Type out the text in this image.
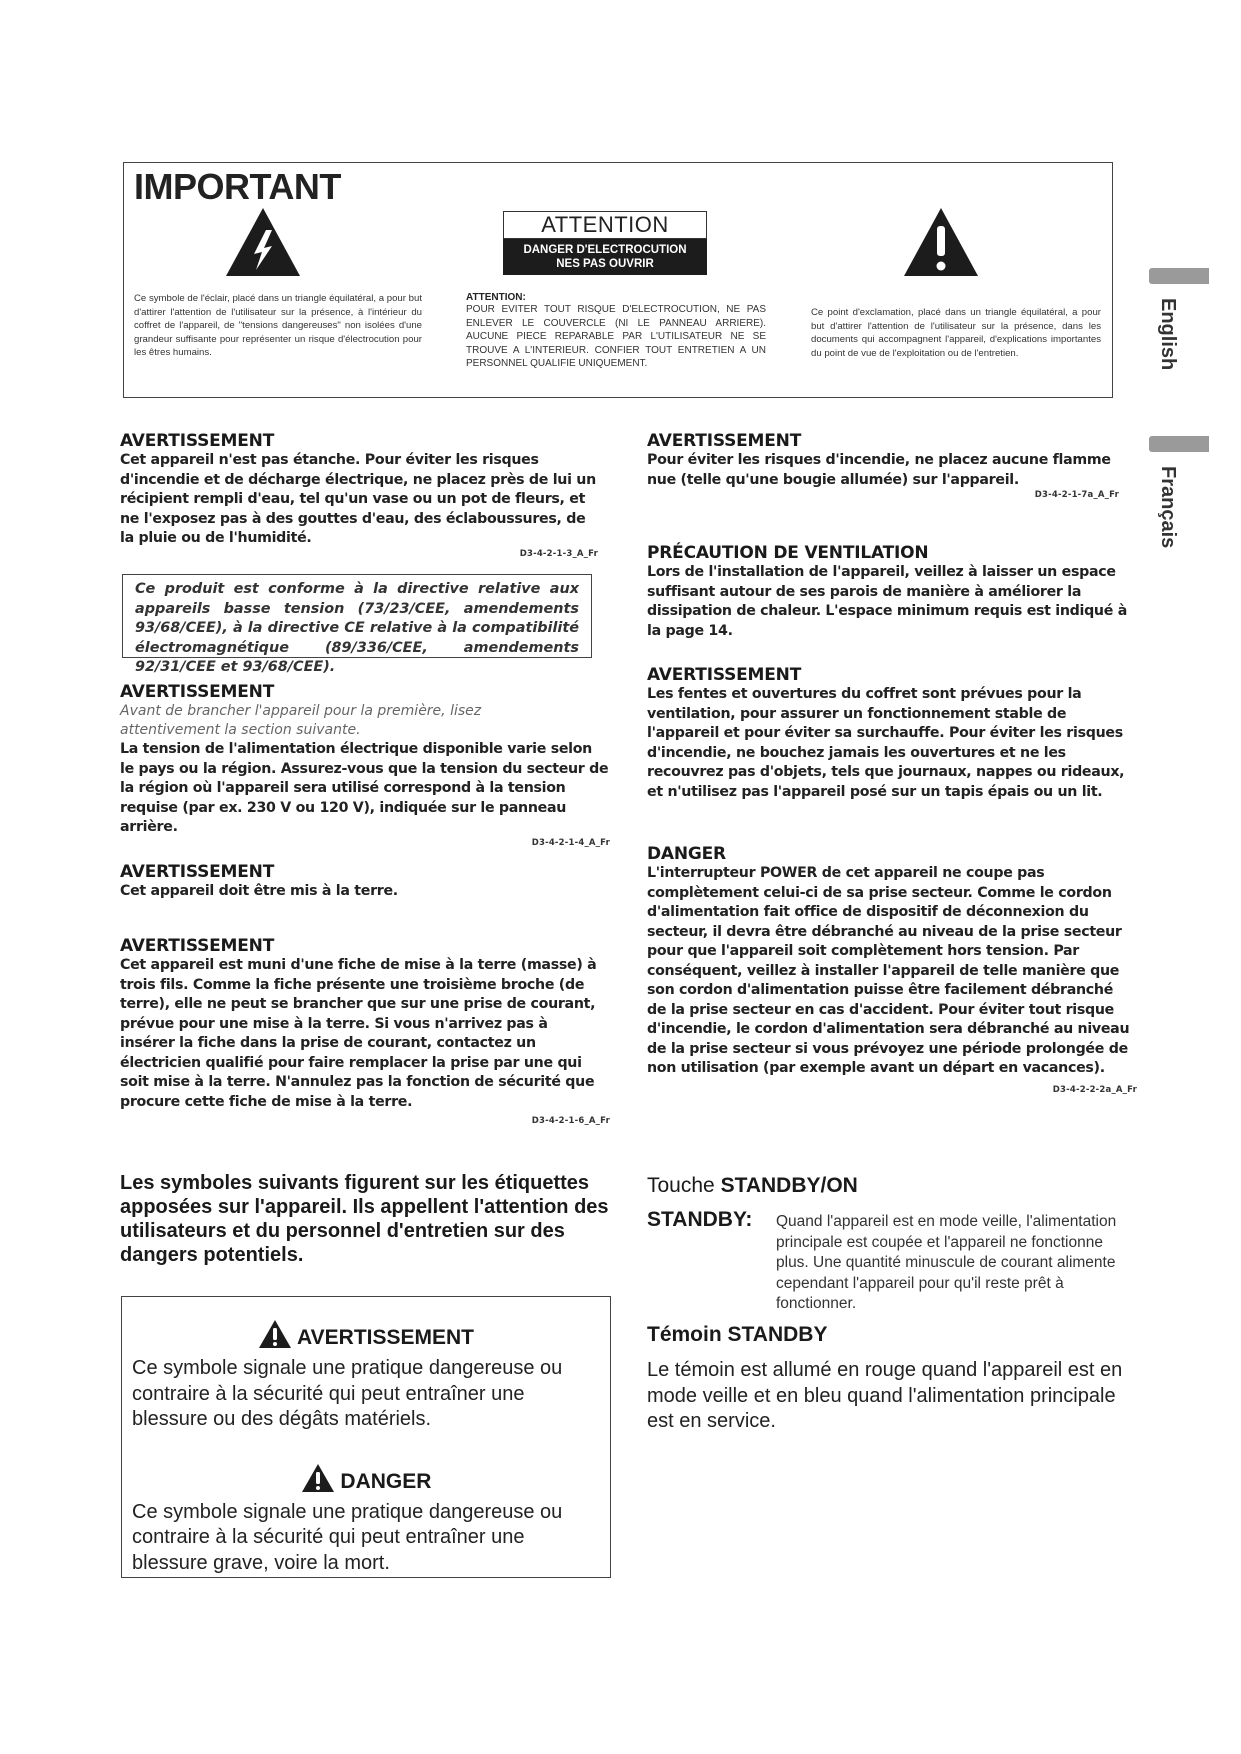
IMPORTANT
ATTENTION
DANGER D'ELECTROCUTION
NES PAS OUVRIR
Ce symbole de l'éclair, placé dans un triangle équilatéral, a pour but d'attirer l'attention de l'utilisateur sur la présence, à l'intérieur du coffret de l'appareil, de "tensions dangereuses" non isolées d'une grandeur suffisante pour représenter un risque d'électrocution pour les êtres humains.
ATTENTION:
POUR EVITER TOUT RISQUE D'ELECTROCUTION, NE PAS ENLEVER LE COUVERCLE (NI LE PANNEAU ARRIERE). AUCUNE PIECE REPARABLE PAR L'UTILISATEUR NE SE TROUVE A L'INTERIEUR. CONFIER TOUT ENTRETIEN A UN PERSONNEL QUALIFIE UNIQUEMENT.
Ce point d'exclamation, placé dans un triangle équilatéral, a pour but d'attirer l'attention de l'utilisateur sur la présence, dans les documents qui accompagnent l'appareil, d'explications importantes du point de vue de l'exploitation ou de l'entretien.	English
Français
AVERTISSEMENT
Cet appareil n'est pas étanche. Pour éviter les risques d'incendie et de décharge électrique, ne placez près de lui un récipient rempli d'eau, tel qu'un vase ou un pot de fleurs, et ne l'exposez pas à des gouttes d'eau, des éclaboussures, de la pluie ou de l'humidité.
D3-4-2-1-3_A_Fr
Ce produit est conforme à la directive relative aux appareils basse tension (73/23/CEE, amendements 93/68/CEE), à la directive CE relative à la compatibilité électromagnétique (89/336/CEE, amendements 92/31/CEE et 93/68/CEE).
AVERTISSEMENT
Avant de brancher l'appareil pour la première, lisez attentivement la section suivante.
La tension de l'alimentation électrique disponible varie selon le pays ou la région. Assurez-vous que la tension du secteur de la région où l'appareil sera utilisé correspond à la tension requise (par ex. 230 V ou 120 V), indiquée sur le panneau arrière.
D3-4-2-1-4_A_Fr
AVERTISSEMENT
Cet appareil doit être mis à la terre.
AVERTISSEMENT
Cet appareil est muni d'une fiche de mise à la terre (masse) à trois fils. Comme la fiche présente une troisième broche (de terre), elle ne peut se brancher que sur une prise de courant, prévue pour une mise à la terre. Si vous n'arrivez pas à insérer la fiche dans la prise de courant, contactez un électricien qualifié pour faire remplacer la prise par une qui soit mise à la terre. N'annulez pas la fonction de sécurité que procure cette fiche de mise à la terre.
D3-4-2-1-6_A_Fr
AVERTISSEMENT
Pour éviter les risques d'incendie, ne placez aucune flamme nue (telle qu'une bougie allumée) sur l'appareil.
D3-4-2-1-7a_A_Fr
PRÉCAUTION DE VENTILATION
Lors de l'installation de l'appareil, veillez à laisser un espace suffisant autour de ses parois de manière à améliorer la dissipation de chaleur. L'espace minimum requis est indiqué à la page 14.
AVERTISSEMENT
Les fentes et ouvertures du coffret sont prévues pour la ventilation, pour assurer un fonctionnement stable de l'appareil et pour éviter sa surchauffe. Pour éviter les risques d'incendie, ne bouchez jamais les ouvertures et ne les recouvrez pas d'objets, tels que journaux, nappes ou rideaux, et n'utilisez pas l'appareil posé sur un tapis épais ou un lit.
DANGER
L'interrupteur POWER de cet appareil ne coupe pas complètement celui-ci de sa prise secteur. Comme le cordon d'alimentation fait office de dispositif de déconnexion du secteur, il devra être débranché au niveau de la prise secteur pour que l'appareil soit complètement hors tension. Par conséquent, veillez à installer l'appareil de telle manière que son cordon d'alimentation puisse être facilement débranché de la prise secteur en cas d'accident. Pour éviter tout risque d'incendie, le cordon d'alimentation sera débranché au niveau de la prise secteur si vous prévoyez une période prolongée de non utilisation (par exemple avant un départ en vacances).
D3-4-2-2-2a_A_Fr
Les symboles suivants figurent sur les étiquettes apposées sur l'appareil. Ils appellent l'attention des utilisateurs et du personnel d'entretien sur des dangers potentiels.
AVERTISSEMENT
Ce symbole signale une pratique dangereuse ou contraire à la sécurité qui peut entraîner une blessure ou des dégâts matériels.
DANGER
Ce symbole signale une pratique dangereuse ou contraire à la sécurité qui peut entraîner une blessure grave, voire la mort.
Touche STANDBY/ON
STANDBY: Quand l'appareil est en mode veille, l'alimentation principale est coupée et l'appareil ne fonctionne plus. Une quantité minuscule de courant alimente cependant l'appareil pour qu'il reste prêt à fonctionner.
Témoin STANDBY
Le témoin est allumé en rouge quand l'appareil est en mode veille et en bleu quand l'alimentation principale est en service.
